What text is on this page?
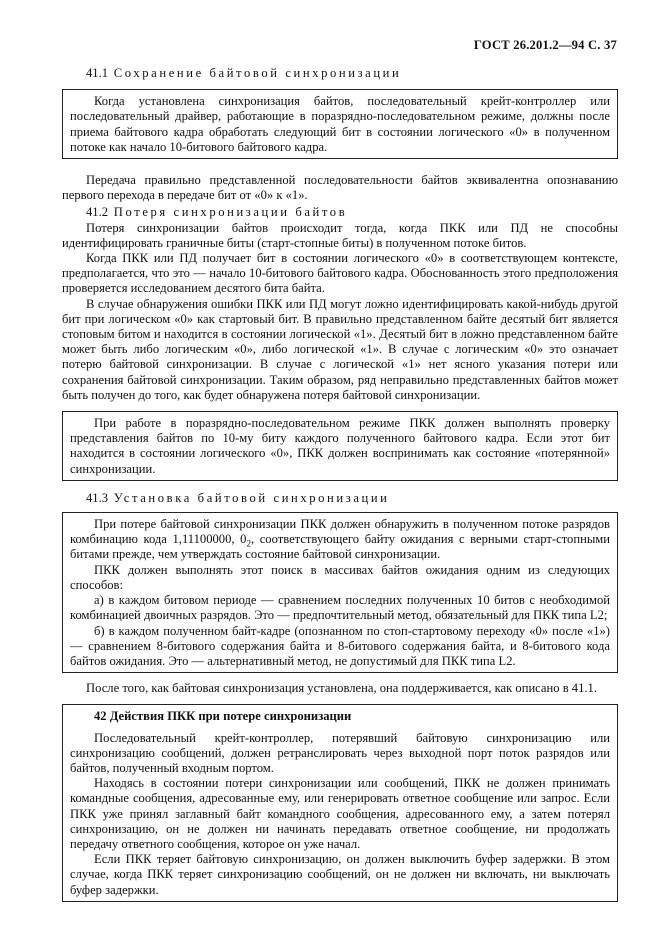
ГОСТ 26.201.2—94 С. 37

41.1 Сохранение байтовой синхронизации

Когда установлена синхронизация байтов, последовательный крейт-контроллер или последовательный драйвер, работающие в поразрядно-последовательном режиме, должны после приема байтового кадра обработать следующий бит в состоянии логического «0» в полученном потоке как начало 10-битового байтового кадра.

Передача правильно представленной последовательности байтов эквивалентна опознаванию первого перехода в передаче бит от «0» к «1».

41.2 Потеря синхронизации байтов

Потеря синхронизации байтов происходит тогда, когда ПКК или ПД не способны идентифицировать граничные биты (старт-стопные биты) в полученном потоке битов.

Когда ПКК или ПД получает бит в состоянии логического «0» в соответствующем контексте, предполагается, что это — начало 10-битового байтового кадра. Обоснованность этого предположения проверяется исследованием десятого бита байта.

В случае обнаружения ошибки ПКК или ПД могут ложно идентифицировать какой-нибудь другой бит при логическом «0» как стартовый бит. В правильно представленном байте десятый бит является стоповым битом и находится в состоянии логической «1». Десятый бит в ложно представленном байте может быть либо логическим «0», либо логической «1». В случае с логическим «0» это означает потерю байтовой синхронизации. В случае с логической «1» нет ясного указания потери или сохранения байтовой синхронизации. Таким образом, ряд неправильно представленных байтов может быть получен до того, как будет обнаружена потеря байтовой синхронизации.

При работе в поразрядно-последовательном режиме ПКК должен выполнять проверку представления байтов по 10-му биту каждого полученного байтового кадра. Если этот бит находится в состоянии логического «0», ПКК должен воспринимать как состояние «потерянной» синхронизации.

41.3 Установка байтовой синхронизации

При потере байтовой синхронизации ПКК должен обнаружить в полученном потоке разрядов комбинацию кода 1,11100000, $0_2$, соответствующего байту ожидания с верными старт-стопными битами прежде, чем утверждать состояние байтовой синхронизации.

ПКК должен выполнять этот поиск в массивах байтов ожидания одним из следующих способов:

а) в каждом битовом периоде — сравнением последних полученных 10 битов с необходимой комбинацией двоичных разрядов. Это — предпочтительный метод, обязательный для ПКК типа L2;

б) в каждом полученном байт-кадре (опознанном по стоп-стартовому переходу «0» после «1») — сравнением 8-битового содержания байта и 8-битового содержания байта, и 8-битового кода байтов ожидания. Это — альтернативный метод, не допустимый для ПКК типа L2.

После того, как байтовая синхронизация установлена, она поддерживается, как описано в 41.1.

42 Действия ПКК при потере синхронизации

Последовательный крейт-контроллер, потерявший байтовую синхронизацию или синхронизацию сообщений, должен ретранслировать через выходной порт поток разрядов или байтов, полученный входным портом.

Находясь в состоянии потери синхронизации или сообщений, ПКК не должен принимать командные сообщения, адресованные ему, или генерировать ответное сообщение или запрос. Если ПКК уже принял заглавный байт командного сообщения, адресованного ему, а затем потерял синхронизацию, он не должен ни начинать передавать ответное сообщение, ни продолжать передачу ответного сообщения, которое он уже начал.

Если ПКК теряет байтовую синхронизацию, он должен выключить буфер задержки. В этом случае, когда ПКК теряет синхронизацию сообщений, он не должен ни включать, ни выключать буфер задержки.
